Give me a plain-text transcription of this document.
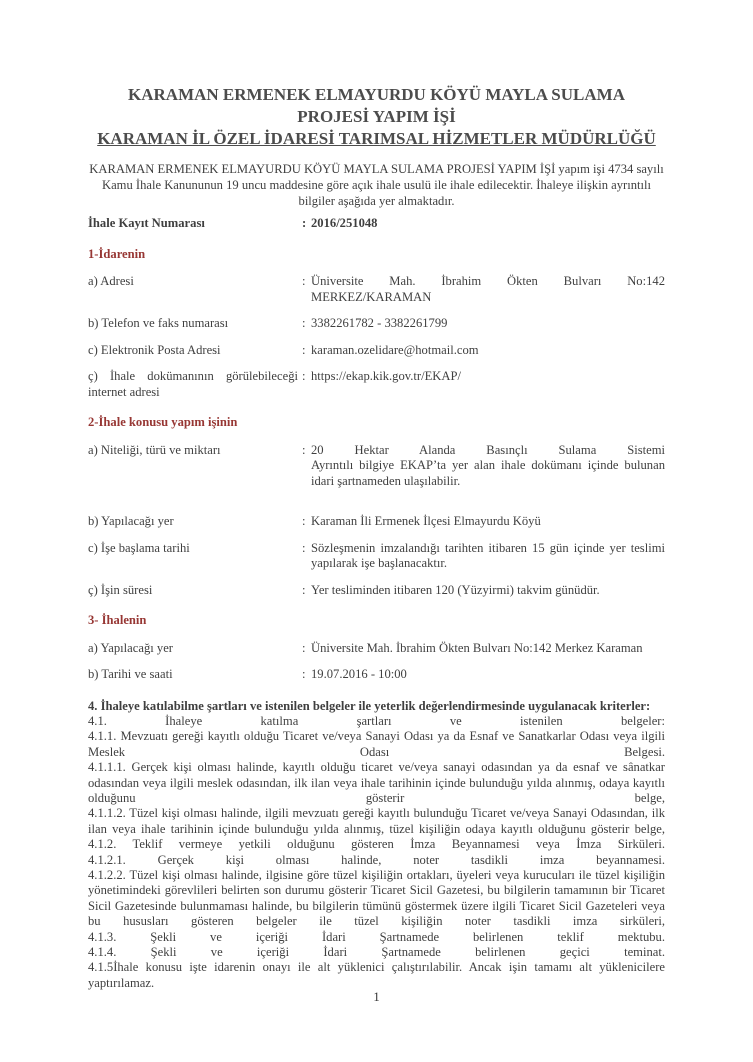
KARAMAN ERMENEK ELMAYURDU KÖYÜ MAYLA SULAMA PROJESİ YAPIM İŞİ
KARAMAN İL ÖZEL İDARESİ TARIMSAL HİZMETLER MÜDÜRLÜĞÜ
KARAMAN ERMENEK ELMAYURDU KÖYÜ MAYLA SULAMA PROJESİ YAPIM İŞİ yapım işi 4734 sayılı Kamu İhale Kanununun 19 uncu maddesine göre açık ihale usulü ile ihale edilecektir. İhaleye ilişkin ayrıntılı bilgiler aşağıda yer almaktadır.
İhale Kayıt Numarası	: 2016/251048
1-İdarenin
a) Adresi	: Üniversite Mah. İbrahim Ökten Bulvarı No:142
MERKEZ/KARAMAN
b) Telefon ve faks numarası	: 3382261782 - 3382261799
c) Elektronik Posta Adresi	: karaman.ozelidare@hotmail.com
ç) İhale dokümanının görülebileceği internet adresi
: https://ekap.kik.gov.tr/EKAP/
2-İhale konusu yapım işinin
a) Niteliği, türü ve miktarı	: 20 Hektar Alanda Basınçlı Sulama Sistemi
Ayrıntılı bilgiye EKAP’ta yer alan ihale dokümanı içinde bulunan idari şartnameden ulaşılabilir.
b) Yapılacağı yer	: Karaman İli Ermenek İlçesi Elmayurdu Köyü
c) İşe başlama tarihi	: Sözleşmenin imzalandığı tarihten itibaren 15 gün içinde yer teslimi yapılarak işe başlanacaktır.
ç) İşin süresi	: Yer tesliminden itibaren 120 (Yüzyirmi) takvim günüdür.
3- İhalenin
a) Yapılacağı yer	: Üniversite Mah. İbrahim Ökten Bulvarı No:142 Merkez Karaman
b) Tarihi ve saati	: 19.07.2016 - 10:00
4. İhaleye katılabilme şartları ve istenilen belgeler ile yeterlik değerlendirmesinde uygulanacak kriterler:
4.1. İhaleye katılma şartları ve istenilen belgeler:
4.1.1. Mevzuatı gereği kayıtlı olduğu Ticaret ve/veya Sanayi Odası ya da Esnaf ve Sanatkarlar Odası veya ilgili Meslek Odası Belgesi.
4.1.1.1. Gerçek kişi olması halinde, kayıtlı olduğu ticaret ve/veya sanayi odasından ya da esnaf ve sânatkar odasından veya ilgili meslek odasından, ilk ilan veya ihale tarihinin içinde bulunduğu yılda alınmış, odaya kayıtlı olduğunu gösterir belge,
4.1.1.2. Tüzel kişi olması halinde, ilgili mevzuatı gereği kayıtlı bulunduğu Ticaret ve/veya Sanayi Odasından, ilk ilan veya ihale tarihinin içinde bulunduğu yılda alınmış, tüzel kişiliğin odaya kayıtlı olduğunu gösterir belge,
4.1.2. Teklif vermeye yetkili olduğunu gösteren İmza Beyannamesi veya İmza Sirküleri.
4.1.2.1. Gerçek kişi olması halinde, noter tasdikli imza beyannamesi.
4.1.2.2. Tüzel kişi olması halinde, ilgisine göre tüzel kişiliğin ortakları, üyeleri veya kurucuları ile tüzel kişiliğin yönetimindeki görevlileri belirten son durumu gösterir Ticaret Sicil Gazetesi, bu bilgilerin tamamının bir Ticaret Sicil Gazetesinde bulunmaması halinde, bu bilgilerin tümünü göstermek üzere ilgili Ticaret Sicil Gazeteleri veya bu hususları gösteren belgeler ile tüzel kişiliğin noter tasdikli imza sirküleri,
4.1.3. Şekli ve içeriği İdari Şartnamede belirlenen teklif mektubu.
4.1.4. Şekli ve içeriği İdari Şartnamede belirlenen geçici teminat.
4.1.5İhale konusu işte idarenin onayı ile alt yüklenici çalıştırılabilir. Ancak işin tamamı alt yüklenicilere yaptırılamaz.
1
